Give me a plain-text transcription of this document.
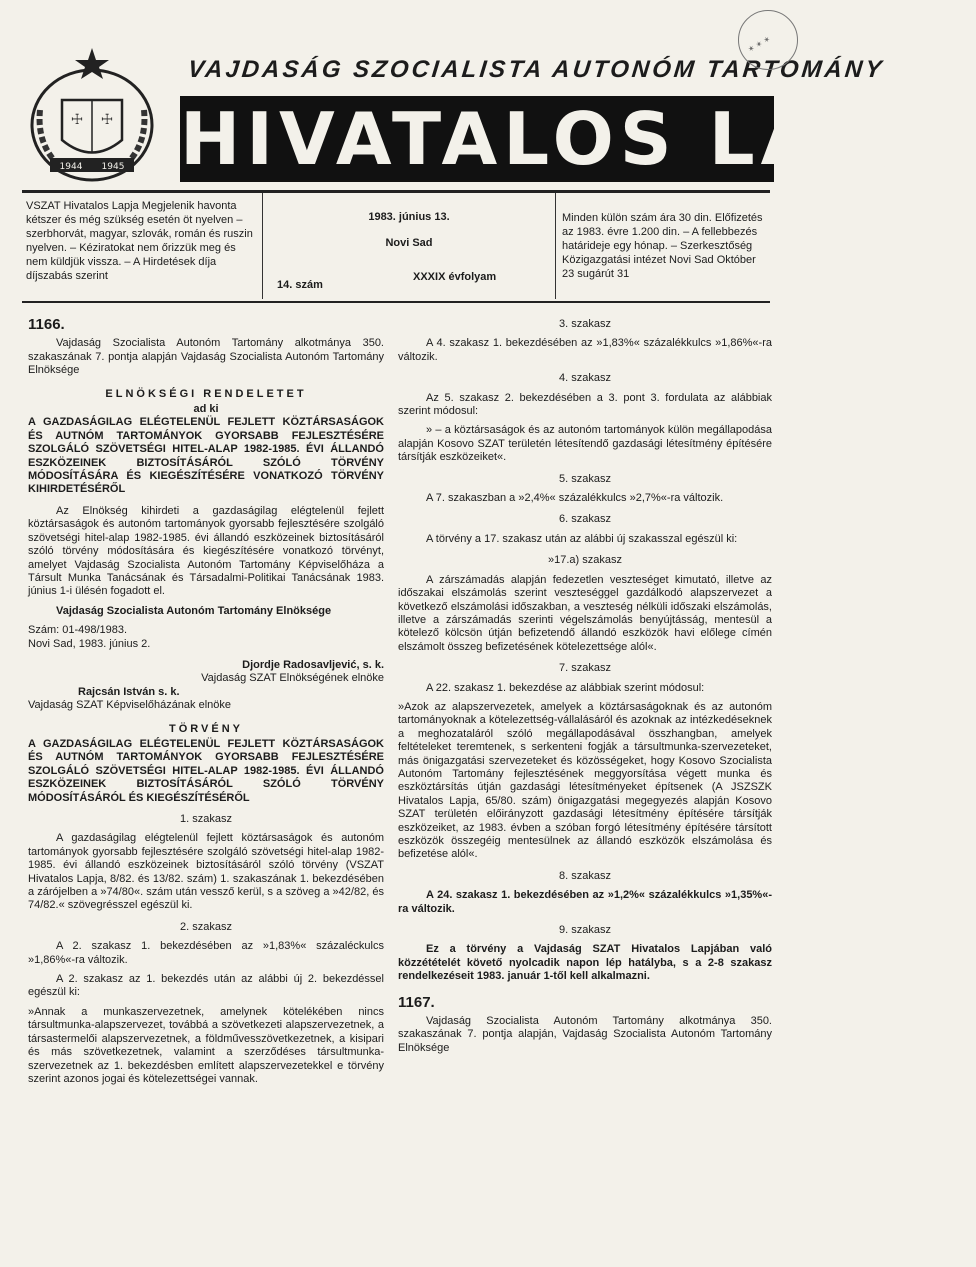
☩ ☩
1944 1945
VAJDASÁG SZOCIALISTA AUTONÓM TARTOMÁNY
HIVATALOS LAPJA
✶ ✶ ✶
VSZAT Hivatalos Lapja Megjelenik havonta kétszer és még szükség esetén öt nyelven – szerbhorvát, magyar, szlovák, román és ruszin nyelven. – Kéziratokat nem őrizzük meg és nem küldjük vissza. – A Hirdetések díja díjszabás szerint
1983. június 13.
Novi Sad
14. szám
XXXIX évfolyam
Minden külön szám ára 30 din. Előfizetés az 1983. évre 1.200 din. – A fellebbezés határideje egy hónap. – Szerkesztőség Közigazgatási intézet Novi Sad Október 23 sugárút 31

1166.

Vajdaság Szocialista Autonóm Tartomány alkotmánya 350. szakaszának 7. pontja alapján Vajdaság Szocialista Autonóm Tartomány Elnöksége

ELNÖKSÉGI RENDELETET

ad ki

A GAZDASÁGILAG ELÉGTELENÜL FEJLETT KÖZTÁRSASÁGOK ÉS AUTNÓM TARTOMÁNYOK GYORSABB FEJLESZTÉSÉRE SZOLGÁLÓ SZÖVETSÉGI HITEL-ALAP 1982-1985. ÉVI ÁLLANDÓ ESZKÖZEINEK BIZTOSÍTÁSÁRÓL SZÓLÓ TÖRVÉNY MÓDOSÍTÁSÁRA ÉS KIEGÉSZÍTÉSÉRE VONATKOZÓ TÖRVÉNY KIHIRDETÉSÉRŐL

Az Elnökség kihirdeti a gazdaságilag elégtelenül fejlett köztársaságok és autonóm tartományok gyorsabb fejlesztésére szolgáló szövetségi hitel-alap 1982-1985. évi állandó eszközeinek biztosításáról szóló törvény módosítására és kiegészítésére vonatkozó törvényt, amelyet Vajdaság Szocialista Autonóm Tartomány Képviselőháza a Társult Munka Tanácsának és Társadalmi-Politikai Tanácsának 1983. június 1-i ülésén fogadott el.

Vajdaság Szocialista Autonóm Tartomány Elnöksége

Szám: 01-498/1983.

Novi Sad, 1983. június 2.

Djordje Radosavljević, s. k.

Vajdaság SZAT Elnökségének elnöke

Rajcsán István s. k.

Vajdaság SZAT Képviselőházának elnöke

TÖRVÉNY

A GAZDASÁGILAG ELÉGTELENÜL FEJLETT KÖZTÁRSASÁGOK ÉS AUTNÓM TARTOMÁNYOK GYORSABB FEJLESZTÉSÉRE SZOLGÁLÓ SZÖVETSÉGI HITEL-ALAP 1982-1985. ÉVI ÁLLANDÓ ESZKÖZEINEK BIZTOSÍTÁSÁRÓL SZÓLÓ TÖRVÉNY MÓDOSÍTÁSÁRÓL ÉS KIEGÉSZÍTÉSÉRŐL

1. szakasz

A gazdaságilag elégtelenül fejlett köztársaságok és autonóm tartományok gyorsabb fejlesztésére szolgáló szövetségi hitel-alap 1982-1985. évi állandó eszközeinek biztosításáról szóló törvény (VSZAT Hivatalos Lapja, 8/82. és 13/82. szám) 1. szakaszának 1. bekezdésében a zárójelben a »74/80«. szám után vessző kerül, s a szöveg a »42/82, és 74/82.« szövegrésszel egészül ki.

2. szakasz

A 2. szakasz 1. bekezdésében az »1,83%« százaléckulcs »1,86%«-ra változik.

A 2. szakasz az 1. bekezdés után az alábbi új 2. bekezdéssel egészül ki:

»Annak a munkaszervezetnek, amelynek kötelékében nincs társultmunka-alapszervezet, továbbá a szövetkezeti alapszervezetnek, a társastermelői alapszervezetnek, a földművesszövetkezetnek, a kisipari és más szövetkezetnek, valamint a szerződéses társultmunka-szervezetnek az 1. bekezdésben említett alapszervezetekkel e törvény szerint azonos jogai és kötelezettségei vannak.

3. szakasz

A 4. szakasz 1. bekezdésében az »1,83%« százalékkulcs »1,86%«-ra változik.

4. szakasz

Az 5. szakasz 2. bekezdésében a 3. pont 3. fordulata az alábbiak szerint módosul:

» – a köztársaságok és az autonóm tartományok külön megállapodása alapján Kosovo SZAT területén létesítendő gazdasági létesítmény építésére társítják eszközeiket«.

5. szakasz

A 7. szakaszban a »2,4%« százalékkulcs »2,7%«-ra változik.

6. szakasz

A törvény a 17. szakasz után az alábbi új szakasszal egészül ki:

»17.a) szakasz

A zárszámadás alapján fedezetlen veszteséget kimutató, illetve az időszakai elszámolás szerint veszteséggel gazdálkodó alapszervezet a következő elszámolási időszakban, a veszteség nélküli időszaki elszámolás, illetve a zárszámadás szerinti végelszámolás benyújtásság, mentesül a kötelező kölcsön útján befizetendő állandó eszközök havi előlege címén elszámolt összeg befizetésének kötelezettsége alól«.

7. szakasz

A 22. szakasz 1. bekezdése az alábbiak szerint módosul:

»Azok az alapszervezetek, amelyek a köztársaságoknak és az autonóm tartományoknak a kötelezettség-vállalásáról és azoknak az intézkedéseknek a meghozataláról szóló megállapodásával összhangban, amelyek feltételeket teremtenek, s serkenteni fogják a társultmunka-szervezeteket, más önigazgatási szervezeteket és közösségeket, hogy Kosovo Szocialista Autonóm Tartomány fejlesztésének meggyorsítása végett munka és eszköztársítás útján gazdasági létesítményeket építsenek (A JSZSZK Hivatalos Lapja, 65/80. szám) önigazgatási megegyezés alapján Kosovo SZAT területén előirányzott gazdasági létesítmény építésére társítják eszközeiket, az 1983. évben a szóban forgó létesítmény építésére társított eszközök összegéig mentesülnek az állandó eszközök elszámolása és befizetése alól«.

8. szakasz

A 24. szakasz 1. bekezdésében az »1,2%« százalékkulcs »1,35%«-ra változik.

9. szakasz

Ez a törvény a Vajdaság SZAT Hivatalos Lapjában való közzétételét követő nyolcadik napon lép hatályba, s a 2-8 szakasz rendelkezéseit 1983. január 1-től kell alkalmazni.

1167.

Vajdaság Szocialista Autonóm Tartomány alkotmánya 350. szakaszának 7. pontja alapján, Vajdaság Szocialista Autonóm Tartomány Elnöksége
